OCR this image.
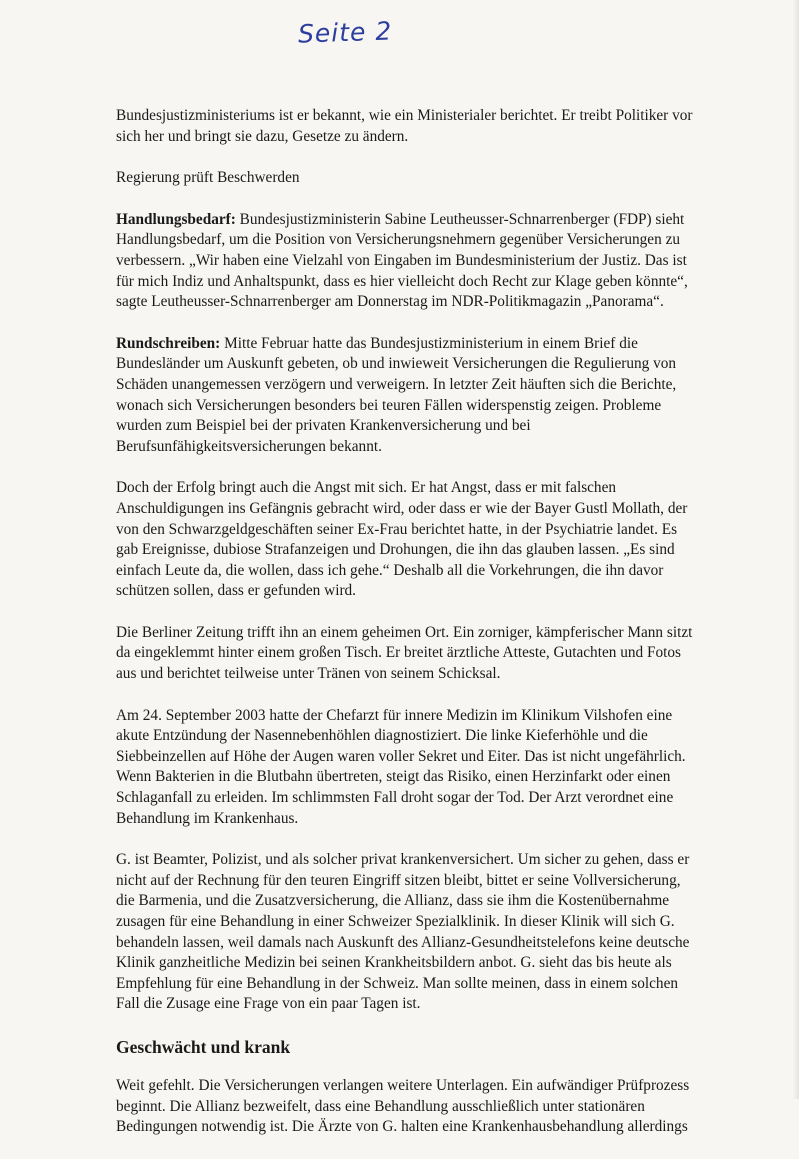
Seite 2

Bundesjustizministeriums ist er bekannt, wie ein Ministerialer berichtet. Er treibt Politiker vor sich her und bringt sie dazu, Gesetze zu ändern.

Regierung prüft Beschwerden

Handlungsbedarf: Bundesjustizministerin Sabine Leutheusser-Schnarrenberger (FDP) sieht Handlungsbedarf, um die Position von Versicherungsnehmern gegenüber Versicherungen zu verbessern. „Wir haben eine Vielzahl von Eingaben im Bundesministerium der Justiz. Das ist für mich Indiz und Anhaltspunkt, dass es hier vielleicht doch Recht zur Klage geben könnte“, sagte Leutheusser-Schnarrenberger am Donnerstag im NDR-Politikmagazin „Panorama“.

Rundschreiben: Mitte Februar hatte das Bundesjustizministerium in einem Brief die Bundesländer um Auskunft gebeten, ob und inwieweit Versicherungen die Regulierung von Schäden unangemessen verzögern und verweigern. In letzter Zeit häuften sich die Berichte, wonach sich Versicherungen besonders bei teuren Fällen widerspenstig zeigen. Probleme wurden zum Beispiel bei der privaten Krankenversicherung und bei Berufsunfähigkeitsversicherungen bekannt.

Doch der Erfolg bringt auch die Angst mit sich. Er hat Angst, dass er mit falschen Anschuldigungen ins Gefängnis gebracht wird, oder dass er wie der Bayer Gustl Mollath, der von den Schwarzgeldgeschäften seiner Ex-Frau berichtet hatte, in der Psychiatrie landet. Es gab Ereignisse, dubiose Strafanzeigen und Drohungen, die ihn das glauben lassen. „Es sind einfach Leute da, die wollen, dass ich gehe.“ Deshalb all die Vorkehrungen, die ihn davor schützen sollen, dass er gefunden wird.

Die Berliner Zeitung trifft ihn an einem geheimen Ort. Ein zorniger, kämpferischer Mann sitzt da eingeklemmt hinter einem großen Tisch. Er breitet ärztliche Atteste, Gutachten und Fotos aus und berichtet teilweise unter Tränen von seinem Schicksal.

Am 24. September 2003 hatte der Chefarzt für innere Medizin im Klinikum Vilshofen eine akute Entzündung der Nasennebenhöhlen diagnostiziert. Die linke Kieferhöhle und die Siebbeinzellen auf Höhe der Augen waren voller Sekret und Eiter. Das ist nicht ungefährlich. Wenn Bakterien in die Blutbahn übertreten, steigt das Risiko, einen Herzinfarkt oder einen Schlaganfall zu erleiden. Im schlimmsten Fall droht sogar der Tod. Der Arzt verordnet eine Behandlung im Krankenhaus.

G. ist Beamter, Polizist, und als solcher privat krankenversichert. Um sicher zu gehen, dass er nicht auf der Rechnung für den teuren Eingriff sitzen bleibt, bittet er seine Vollversicherung, die Barmenia, und die Zusatzversicherung, die Allianz, dass sie ihm die Kostenübernahme zusagen für eine Behandlung in einer Schweizer Spezialklinik. In dieser Klinik will sich G. behandeln lassen, weil damals nach Auskunft des Allianz-Gesundheitstelefons keine deutsche Klinik ganzheitliche Medizin bei seinen Krankheitsbildern anbot. G. sieht das bis heute als Empfehlung für eine Behandlung in der Schweiz. Man sollte meinen, dass in einem solchen Fall die Zusage eine Frage von ein paar Tagen ist.

Geschwächt und krank

Weit gefehlt. Die Versicherungen verlangen weitere Unterlagen. Ein aufwändiger Prüfprozess beginnt. Die Allianz bezweifelt, dass eine Behandlung ausschließlich unter stationären Bedingungen notwendig ist. Die Ärzte von G. halten eine Krankenhausbehandlung allerdings
